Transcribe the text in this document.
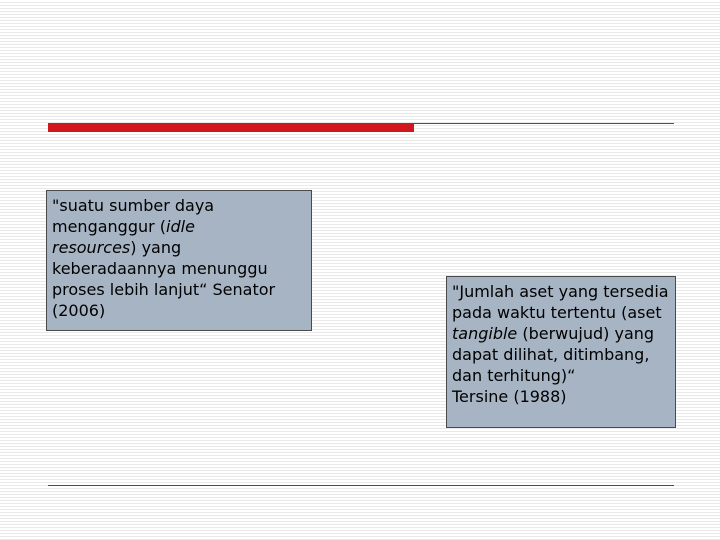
"suatu sumber daya menganggur (idle
resources) yang keberadaannya menunggu proses lebih lanjut“ Senator (2006)

"Jumlah aset yang tersedia pada waktu tertentu (aset tangible (berwujud) yang dapat dilihat, ditimbang, dan terhitung)“
Tersine (1988)
